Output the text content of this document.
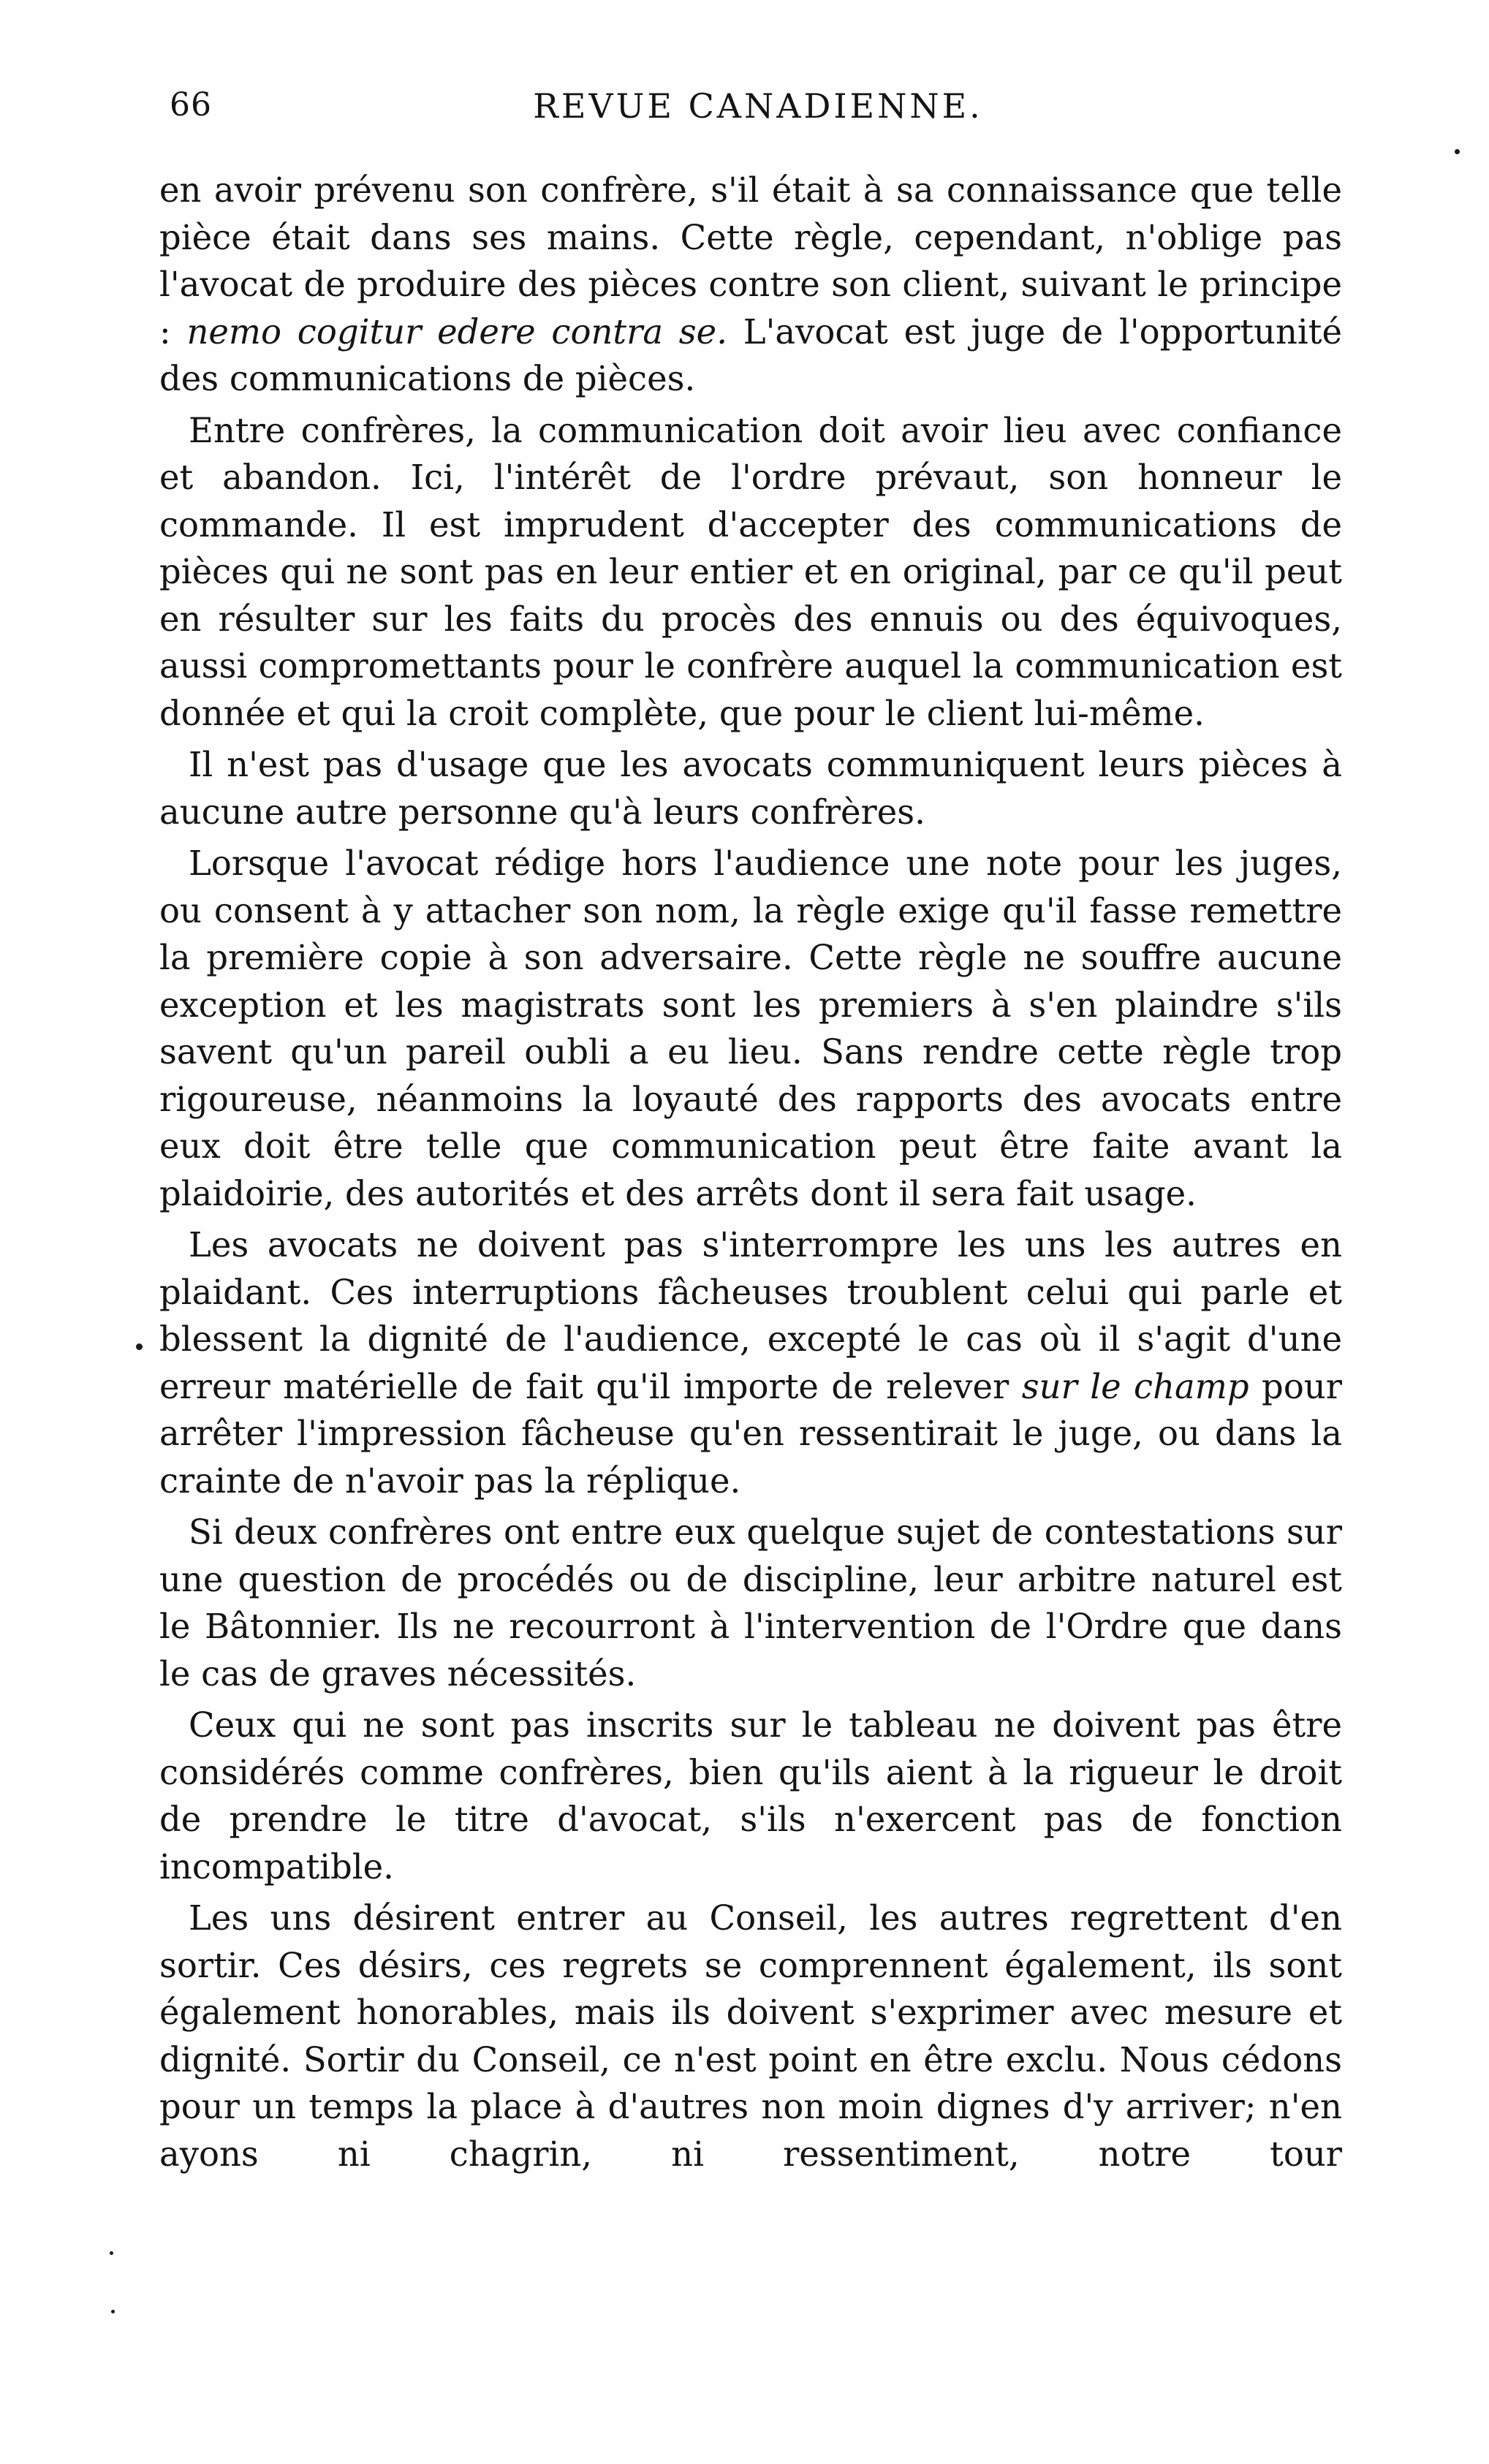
66	REVUE CANADIENNE.

en avoir prévenu son confrère, s'il était à sa connaissance que telle pièce était dans ses mains. Cette règle, cependant, n'oblige pas l'avocat de produire des pièces contre son client, suivant le principe : nemo cogitur edere contra se. L'avocat est juge de l'opportunité des communications de pièces.

Entre confrères, la communication doit avoir lieu avec confiance et abandon. Ici, l'intérêt de l'ordre prévaut, son honneur le commande. Il est imprudent d'accepter des communications de pièces qui ne sont pas en leur entier et en original, par ce qu'il peut en résulter sur les faits du procès des ennuis ou des équivoques, aussi compromettants pour le confrère auquel la communication est donnée et qui la croit complète, que pour le client lui-même.

Il n'est pas d'usage que les avocats communiquent leurs pièces à aucune autre personne qu'à leurs confrères.

Lorsque l'avocat rédige hors l'audience une note pour les juges, ou consent à y attacher son nom, la règle exige qu'il fasse remettre la première copie à son adversaire. Cette règle ne souffre aucune exception et les magistrats sont les premiers à s'en plaindre s'ils savent qu'un pareil oubli a eu lieu. Sans rendre cette règle trop rigoureuse, néanmoins la loyauté des rapports des avocats entre eux doit être telle que communication peut être faite avant la plaidoirie, des autorités et des arrêts dont il sera fait usage.

Les avocats ne doivent pas s'interrompre les uns les autres en plaidant. Ces interruptions fâcheuses troublent celui qui parle et blessent la dignité de l'audience, excepté le cas où il s'agit d'une erreur matérielle de fait qu'il importe de relever sur le champ pour arrêter l'impression fâcheuse qu'en ressentirait le juge, ou dans la crainte de n'avoir pas la réplique.

Si deux confrères ont entre eux quelque sujet de contestations sur une question de procédés ou de discipline, leur arbitre naturel est le Bâtonnier. Ils ne recourront à l'intervention de l'Ordre que dans le cas de graves nécessités.

Ceux qui ne sont pas inscrits sur le tableau ne doivent pas être considérés comme confrères, bien qu'ils aient à la rigueur le droit de prendre le titre d'avocat, s'ils n'exercent pas de fonction incompatible.

Les uns désirent entrer au Conseil, les autres regrettent d'en sortir. Ces désirs, ces regrets se comprennent également, ils sont également honorables, mais ils doivent s'exprimer avec mesure et dignité. Sortir du Conseil, ce n'est point en être exclu. Nous cédons pour un temps la place à d'autres non moin dignes d'y arriver; n'en ayons ni chagrin, ni ressentiment, notre tour
